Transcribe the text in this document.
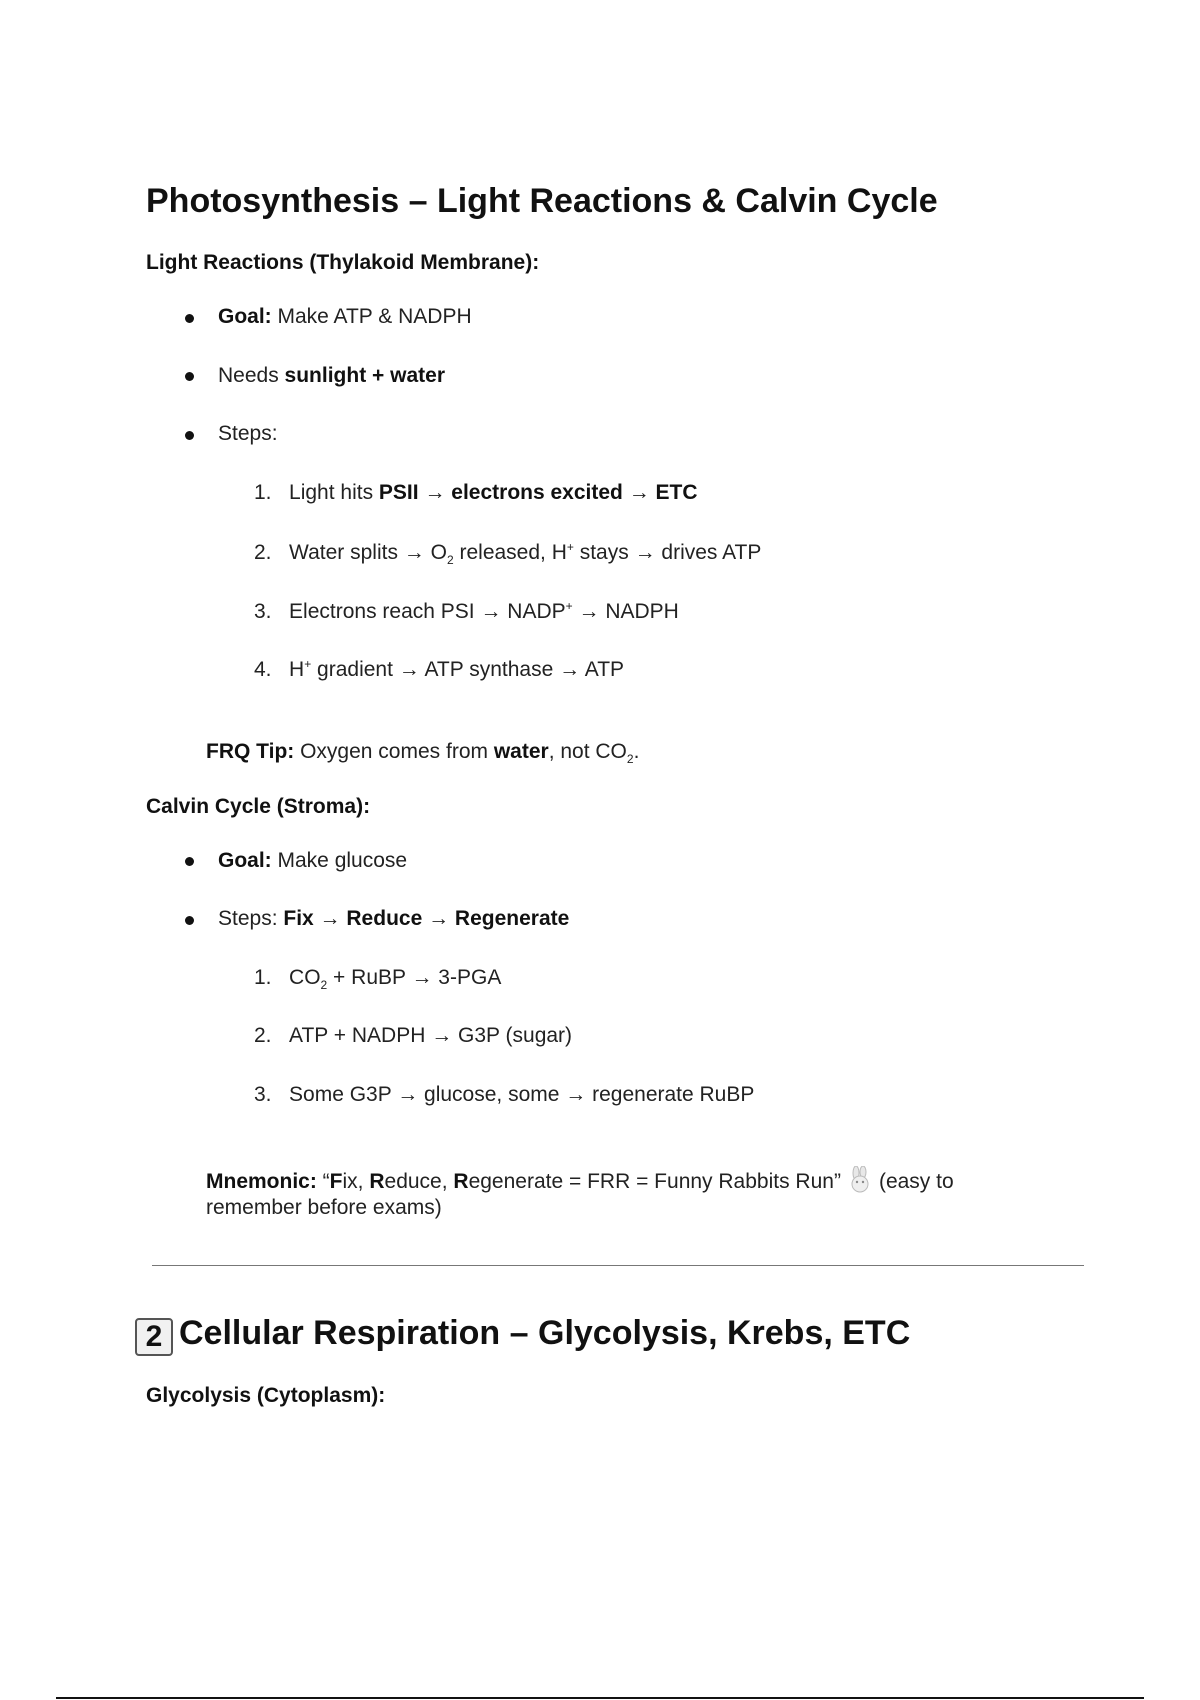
Photosynthesis – Light Reactions & Calvin Cycle
Light Reactions (Thylakoid Membrane):
Goal: Make ATP & NADPH
Needs sunlight + water
Steps:
1. Light hits PSII → electrons excited → ETC
2. Water splits → $O_2$ released, H+ stays → drives ATP
3. Electrons reach PSI → NADP+ → NADPH
4. H+ gradient → ATP synthase → ATP
FRQ Tip: Oxygen comes from water, not $CO_2$.
Calvin Cycle (Stroma):
Goal: Make glucose
Steps: Fix → Reduce → Regenerate
1. $CO_2$ + RuBP → 3-PGA
2. ATP + NADPH → G3P (sugar)
3. Some G3P → glucose, some → regenerate RuBP
Mnemonic: “Fix, Reduce, Regenerate = FRR = Funny Rabbits Run” (easy to
remember before exams)
2 Cellular Respiration – Glycolysis, Krebs, ETC
Glycolysis (Cytoplasm):
